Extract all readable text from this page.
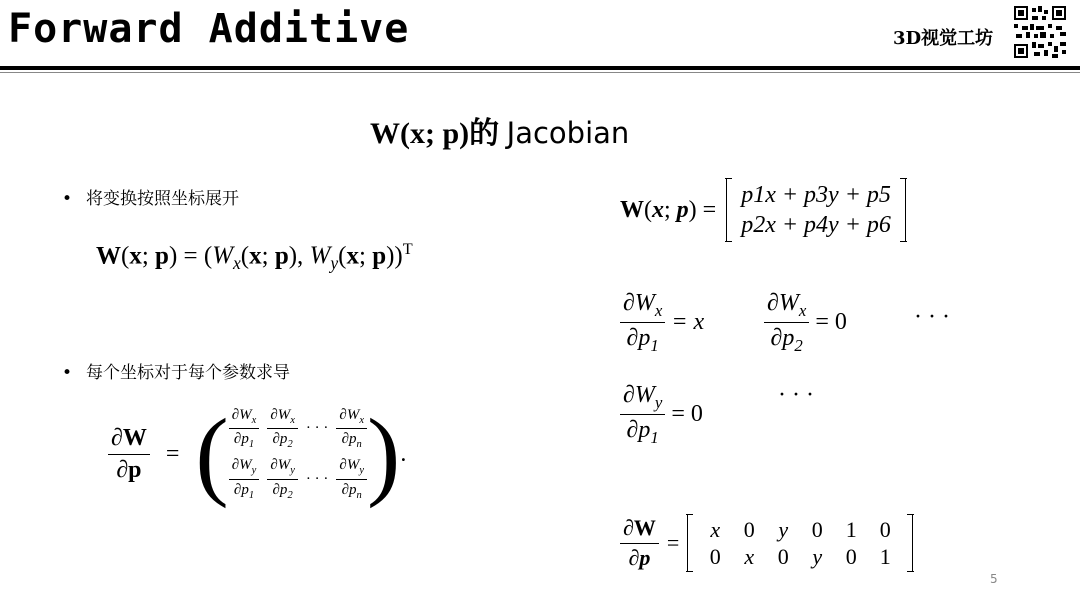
Forward Additive	3D视觉工坊
W(x; p)的 Jacobian
• 将变换按照坐标展开
W(x; $p) = (W_x(x$; p), $W_y(x$; p))$^T$
• 每个坐标对于每个参数求导
$\frac{\partial W}{\partial p}$ = ( $\frac{\partial W_x}{\partial p_1} \frac{\partial W_x}{\partial p_2}$ · · · $\frac{\partial W_x}{\partial p_n}$
$\frac{\partial W_y}{\partial p_1} \frac{\partial W_y}{\partial p_2}$ · · · $\frac{\partial W_y}{\partial p_n}$ ) .
W(x; p) =
p1x + p3y + p5
p2x + p4y + p6
$\frac{\partial W_x}{\partial p_1} = x \frac{\partial W_x}{\partial p_2} = 0$	· · ·
$\frac{\partial W_y}{\partial p_1} = 0$
· · ·
$\frac{\partial W}{\partial p}$ =
x	0	y	0	1	0
0	x	0	y	0	1
5
